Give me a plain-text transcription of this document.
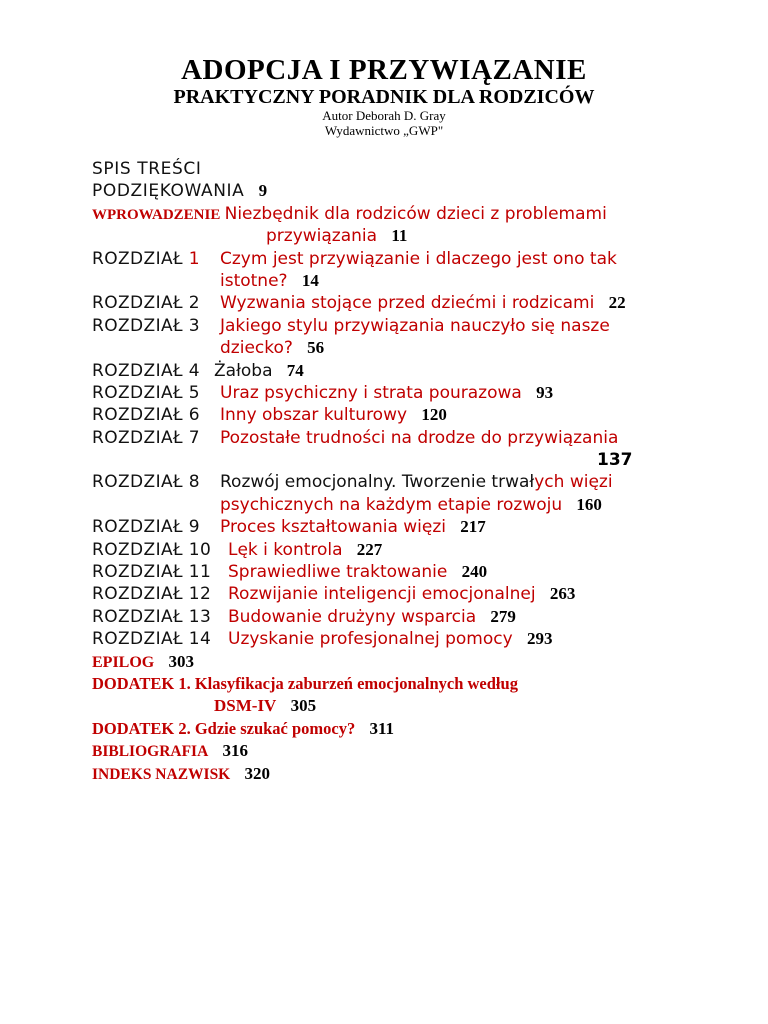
ADOPCJA I PRZYWIĄZANIE
PRAKTYCZNY PORADNIK DLA RODZICÓW
Autor Deborah D. Gray
Wydawnictwo „GWP"
SPIS TREŚCI
PODZIĘKOWANIA 9
WPROWADZENIE Niezbędnik dla rodziców dzieci z problemami
przywiązania 11
ROZDZIAŁ 1 Czym jest przywiązanie i dlaczego jest ono tak
istotne? 14
ROZDZIAŁ 2 Wyzwania stojące przed dziećmi i rodzicami 22
ROZDZIAŁ 3 Jakiego stylu przywiązania nauczyło się nasze
dziecko? 56
ROZDZIAŁ 4 Żałoba 74
ROZDZIAŁ 5 Uraz psychiczny i strata pourazowa 93
ROZDZIAŁ 6 Inny obszar kulturowy 120
ROZDZIAŁ 7 Pozostałe trudności na drodze do przywiązania
137
ROZDZIAŁ 8 Rozwój emocjonalny. Tworzenie trwałych więzi
psychicznych na każdym etapie rozwoju 160
ROZDZIAŁ 9 Proces kształtowania więzi 217
ROZDZIAŁ 10 Lęk i kontrola 227
ROZDZIAŁ 11 Sprawiedliwe traktowanie 240
ROZDZIAŁ 12 Rozwijanie inteligencji emocjonalnej 263
ROZDZIAŁ 13 Budowanie drużyny wsparcia 279
ROZDZIAŁ 14 Uzyskanie profesjonalnej pomocy 293
EPILOG 303
DODATEK 1. Klasyfikacja zaburzeń emocjonalnych według
DSM-IV 305
DODATEK 2. Gdzie szukać pomocy? 311
BIBLIOGRAFIA 316
INDEKS NAZWISK 320
